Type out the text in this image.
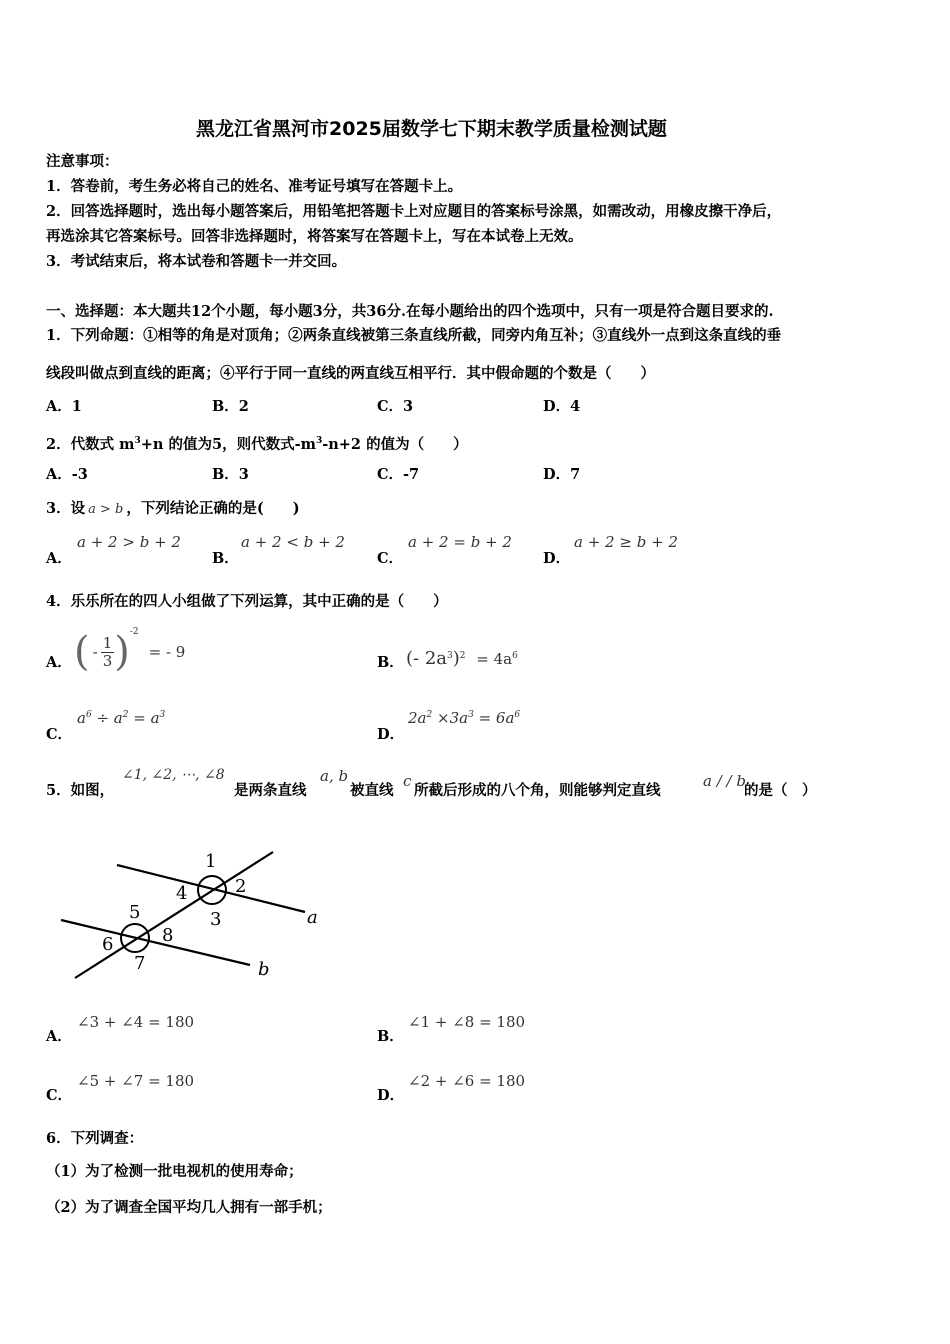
黑龙江省黑河市2025届数学七下期末教学质量检测试题
注意事项：
1．答卷前，考生务必将自己的姓名、准考证号填写在答题卡上。
2．回答选择题时，选出每小题答案后，用铅笔把答题卡上对应题目的答案标号涂黑，如需改动，用橡皮擦干净后，
再选涂其它答案标号。回答非选择题时，将答案写在答题卡上，写在本试卷上无效。
3．考试结束后，将本试卷和答题卡一并交回。
一、选择题：本大题共12个小题，每小题3分，共36分.在每小题给出的四个选项中，只有一项是符合题目要求的.
1．下列命题：①相等的角是对顶角；②两条直线被第三条直线所截，同旁内角互补；③直线外一点到这条直线的垂
线段叫做点到直线的距离；④平行于同一直线的两直线互相平行．其中假命题的个数是（　　）
A．1	B．2	C．3	D．4
2．代数式 $m^3+n$ 的值为5，则代数式$-m^3-n+2$ 的值为（　　）
A．-3	B．3	C．-7	D．7
3．设 a > b ，下列结论正确的是(　　)
A．
a + 2 > b + 2
B．
a + 2 < b + 2
C．
a + 2 = b + 2
D．
a + 2 ≥ b + 2
4．乐乐所在的四人小组做了下列运算，其中正确的是（　　）
A． ( - $\frac{1}{3}$ ) -2
= - 9
B． (- $2a^3)^2 = 4a^6$
C．
$a^6 \div a^2 = a^3$
D．
$2a^2 \times 3a^3 = 6a^6$
5．如图，
∠1, ∠2, ⋯, ∠8
是两条直线
a, b
被直线
c
所截后形成的八个角，则能够判定直线
a / / b
的是（　）
1
2
3
4
5
6
7
8
a
b
A．
∠3 + ∠4 = 180
B．
∠1 + ∠8 = 180
C．
∠5 + ∠7 = 180
D．
∠2 + ∠6 = 180
6．下列调查：
（1）为了检测一批电视机的使用寿命；
（2）为了调查全国平均几人拥有一部手机；
